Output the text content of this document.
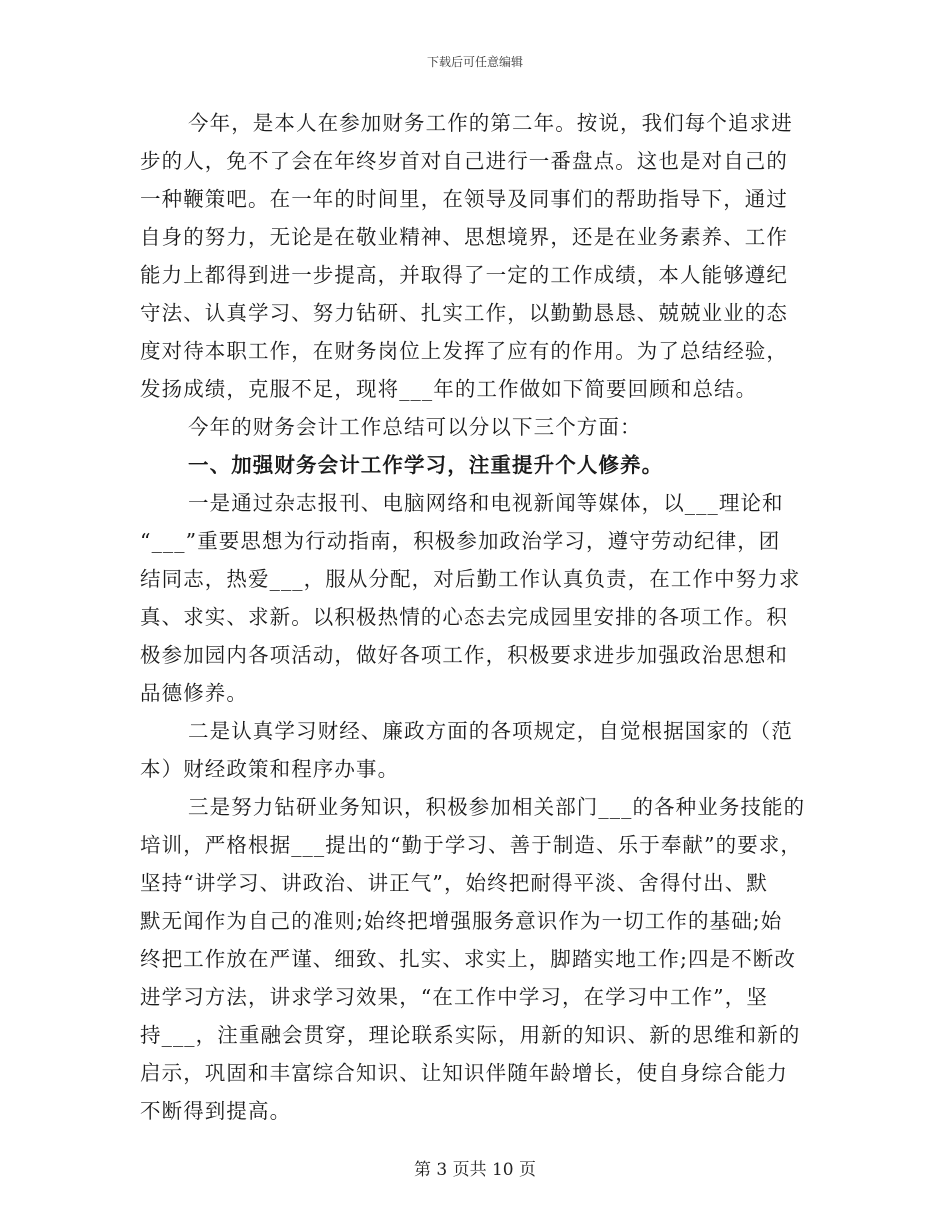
下载后可任意编辑
今年，是本人在参加财务工作的第二年。按说，我们每个追求进
步的人，免不了会在年终岁首对自己进行一番盘点。这也是对自己的
一种鞭策吧。在一年的时间里，在领导及同事们的帮助指导下，通过
自身的努力，无论是在敬业精神、思想境界，还是在业务素养、工作
能力上都得到进一步提高，并取得了一定的工作成绩，本人能够遵纪
守法、认真学习、努力钻研、扎实工作，以勤勤恳恳、兢兢业业的态
度对待本职工作，在财务岗位上发挥了应有的作用。为了总结经验，
发扬成绩，克服不足，现将___年的工作做如下简要回顾和总结。
今年的财务会计工作总结可以分以下三个方面：
一、加强财务会计工作学习，注重提升个人修养。
一是通过杂志报刊、电脑网络和电视新闻等媒体，以___理论和
“___”重要思想为行动指南，积极参加政治学习，遵守劳动纪律，团
结同志，热爱___，服从分配，对后勤工作认真负责，在工作中努力求
真、求实、求新。以积极热情的心态去完成园里安排的各项工作。积
极参加园内各项活动，做好各项工作，积极要求进步加强政治思想和
品德修养。
二是认真学习财经、廉政方面的各项规定，自觉根据国家的（范
本）财经政策和程序办事。
三是努力钻研业务知识，积极参加相关部门___的各种业务技能的
培训，严格根据___提出的“勤于学习、善于制造、乐于奉献”的要求，
坚持“讲学习、讲政治、讲正气”，始终把耐得平淡、舍得付出、默
默无闻作为自己的准则;始终把增强服务意识作为一切工作的基础;始
终把工作放在严谨、细致、扎实、求实上，脚踏实地工作;四是不断改
进学习方法，讲求学习效果，“在工作中学习，在学习中工作”，坚
持___，注重融会贯穿，理论联系实际，用新的知识、新的思维和新的
启示，巩固和丰富综合知识、让知识伴随年龄增长，使自身综合能力
不断得到提高。
第 3 页共 10 页
